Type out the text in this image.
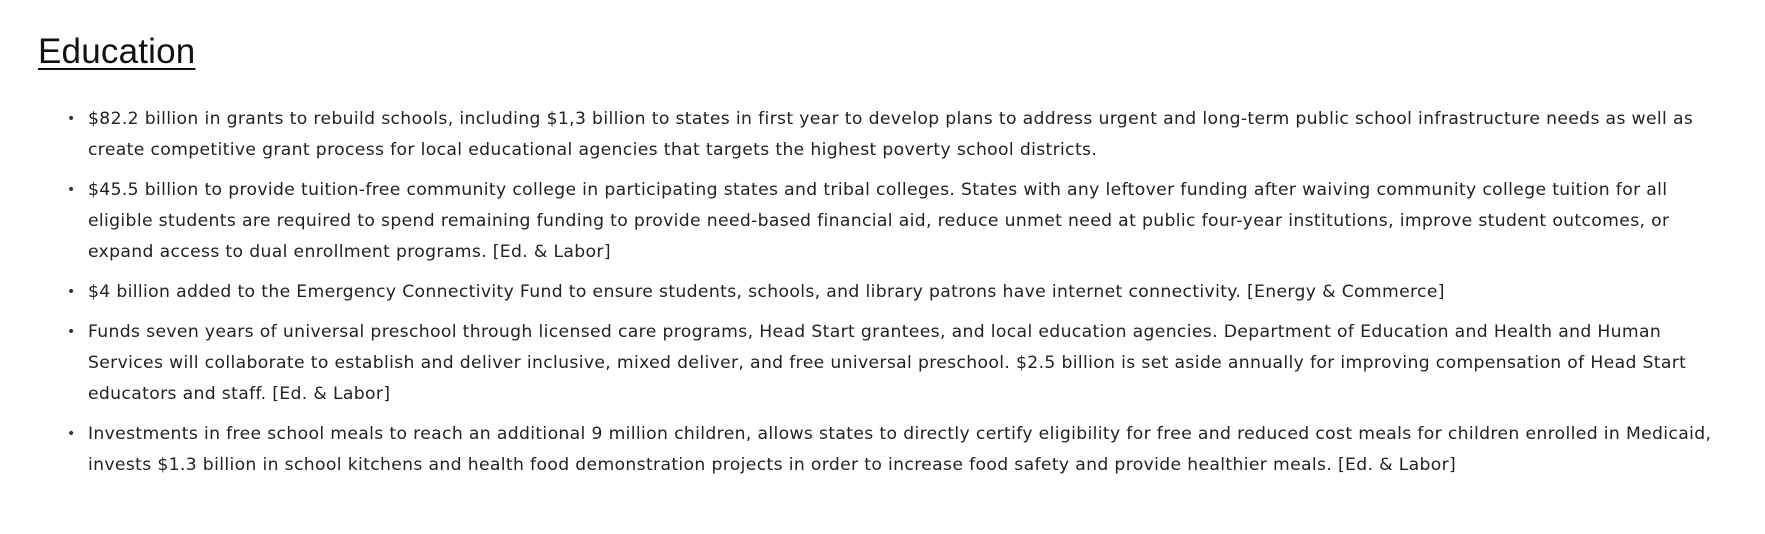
Education
• $82.2 billion in grants to rebuild schools, including $1,3 billion to states in first year to develop plans to address urgent and long-term public school infrastructure needs as well as create competitive grant process for local educational agencies that targets the highest poverty school districts.
• $45.5 billion to provide tuition-free community college in participating states and tribal colleges. States with any leftover funding after waiving community college tuition for all eligible students are required to spend remaining funding to provide need-based financial aid, reduce unmet need at public four-year institutions, improve student outcomes, or expand access to dual enrollment programs. [Ed. & Labor]
• $4 billion added to the Emergency Connectivity Fund to ensure students, schools, and library patrons have internet connectivity. [Energy & Commerce]
• Funds seven years of universal preschool through licensed care programs, Head Start grantees, and local education agencies. Department of Education and Health and Human Services will collaborate to establish and deliver inclusive, mixed deliver, and free universal preschool. $2.5 billion is set aside annually for improving compensation of Head Start educators and staff. [Ed. & Labor]
• Investments in free school meals to reach an additional 9 million children, allows states to directly certify eligibility for free and reduced cost meals for children enrolled in Medicaid, invests $1.3 billion in school kitchens and health food demonstration projects in order to increase food safety and provide healthier meals. [Ed. & Labor]
